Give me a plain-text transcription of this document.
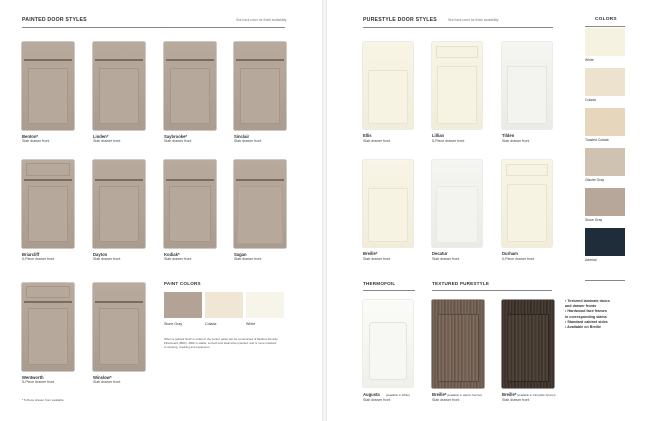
PAINTED DOOR STYLES	See back cover for finish availability
Benton*
Slab drawer front
Linden*
Slab drawer front
Saybrooke*
Slab drawer front
Sinclair
Slab drawer front
Briarcliff
5-Piece drawer front
Dayton
Slab drawer front
Kodiak*
Slab drawer front
Sagan
Slab drawer front
Wentworth
5-Piece drawer front
Winslow*
Slab drawer front
PAINT COLORS
Stone Gray	Colada	White
When a painted finish is ordered, the center panel can be constructed of Medium Density Fiberboard (MDF). MDF is stable, smooth and ideal when painted, and is more resistant to warping, cracking and expansion.
* 5-Piece drawer front available
PURESTYLE DOOR STYLES	See back cover for finish availability
Ellis
Slab drawer front
Lillian
5-Piece drawer front
Tilden
Slab drawer front
Breille*
Slab drawer front
Decatur
Slab drawer front
Durham
5-Piece drawer front
COLORS
White
Colada
Toasted Colada
Glacier Gray
Stone Gray
Admiral
THERMOFOIL
Augusta (available in White)
Slab drawer front
TEXTURED PURESTYLE
Breille* (available in Harbor Sonnet)
Slab drawer front
Breille* (available in Carryable Sonnet)
Slab drawer front
• Textured laminate doors
and drawer fronts
• Hardwood face frames
in corresponding stains
• Standard cabinet sides
• Available on Breille
